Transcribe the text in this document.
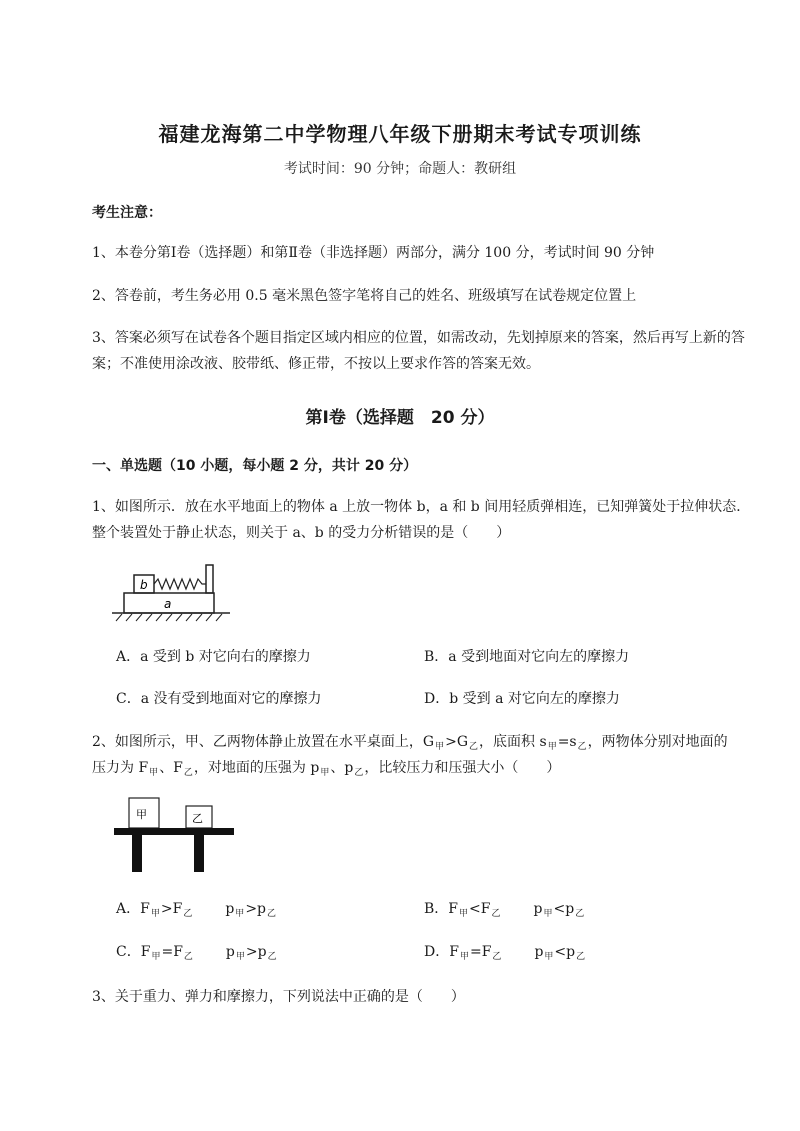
福建龙海第二中学物理八年级下册期末考试专项训练
考试时间：90 分钟；命题人：教研组
考生注意：
1、本卷分第Ⅰ卷（选择题）和第Ⅱ卷（非选择题）两部分，满分 100 分，考试时间 90 分钟
2、答卷前，考生务必用 0.5 毫米黑色签字笔将自己的姓名、班级填写在试卷规定位置上
3、答案必须写在试卷各个题目指定区域内相应的位置，如需改动，先划掉原来的答案，然后再写上新的答案；不准使用涂改液、胶带纸、修正带，不按以上要求作答的答案无效。
第Ⅰ卷（选择题　20 分）
一、单选题（10 小题，每小题 2 分，共计 20 分）
1、如图所示．放在水平地面上的物体 a 上放一物体 b，a 和 b 间用轻质弹相连，已知弹簧处于拉伸状态．整个装置处于静止状态，则关于 a、b 的受力分析错误的是（　　）
a
b
A．a 受到 b 对它向右的摩擦力	B．a 受到地面对它向左的摩擦力
C．a 没有受到地面对它的摩擦力	D．b 受到 a 对它向左的摩擦力
2、如图所示，甲、乙两物体静止放置在水平桌面上，$G_甲>G_乙$，底面积 $s_甲=s_乙$，两物体分别对地面的
压力为 $F_甲$、$F_乙$，对地面的压强为 $p_甲$、$p_乙$，比较压力和压强大小（　　）
甲	乙
A．$F_甲>F_乙$ $p_甲>p_乙$	B．$F_甲<F_乙$ $p_甲<p_乙$
C．$F_甲=F_乙$ $p_甲>p_乙$	D．$F_甲=F_乙$ $p_甲<p_乙$
3、关于重力、弹力和摩擦力，下列说法中正确的是（　　）
